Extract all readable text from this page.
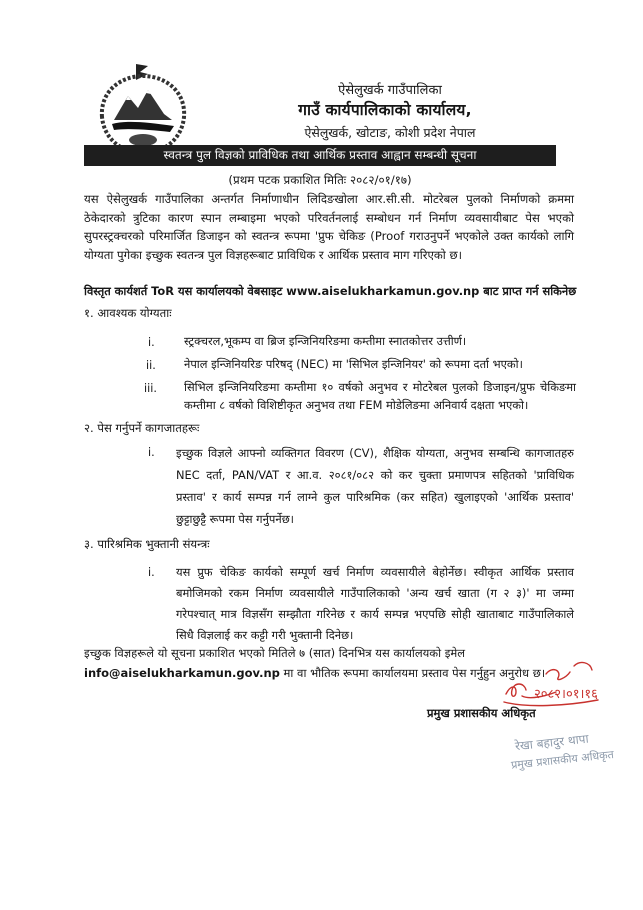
ऐसेलुखर्क गाउँपालिका
गाउँ कार्यपालिकाको कार्यालय,
ऐसेलुखर्क, खोटाङ, कोशी प्रदेश नेपाल
स्वतन्त्र पुल विज्ञको प्राविधिक तथा आर्थिक प्रस्ताव आह्वान सम्बन्धी सूचना
(प्रथम पटक प्रकाशित मितिः २०८२/०१/१७)
यस ऐसेलुखर्क गाउँपालिका अन्तर्गत निर्माणाधीन लिदिङखोला आर.सी.सी. मोटरेबल पुलको निर्माणको क्रममा ठेकेदारको त्रुटिका कारण स्पान लम्बाइमा भएको परिवर्तनलाई सम्बोधन गर्न निर्माण व्यवसायीबाट पेस भएको सुपरस्ट्रक्चरको परिमार्जित डिजाइन को स्वतन्त्र रूपमा 'प्रुफ चेकिङ (Proof गराउनुपर्ने भएकोले उक्त कार्यको लागि योग्यता पुगेका इच्छुक स्वतन्त्र पुल विज्ञहरूबाट प्राविधिक र आर्थिक प्रस्ताव माग गरिएको छ।
विस्तृत कार्यशर्त ToR यस कार्यालयको वेबसाइट www.aiselukharkamun.gov.np बाट प्राप्त गर्न सकिनेछ
१. आवश्यक योग्यताः
i.	स्ट्रक्चरल,भूकम्प वा ब्रिज इन्जिनियरिङमा कम्तीमा स्नातकोत्तर उत्तीर्ण।
ii. नेपाल इन्जिनियरिङ परिषद् (NEC) मा 'सिभिल इन्जिनियर' को रूपमा दर्ता भएको।
iii. सिभिल इन्जिनियरिङमा कम्तीमा १० वर्षको अनुभव र मोटरेबल पुलको डिजाइन/प्रुफ चेकिङमा कम्तीमा ८ वर्षको विशिष्टीकृत अनुभव तथा FEM मोडेलिङमा अनिवार्य दक्षता भएको।
२. पेस गर्नुपर्ने कागजातहरूः
i. इच्छुक विज्ञले आफ्नो व्यक्तिगत विवरण (CV), शैक्षिक योग्यता, अनुभव सम्बन्धि कागजातहरु NEC दर्ता, PAN/VAT र आ.व. २०८१/०८२ को कर चुक्ता प्रमाणपत्र सहितको 'प्राविधिक प्रस्ताव' र कार्य सम्पन्न गर्न लाग्ने कुल पारिश्रमिक (कर सहित) खुलाइएको 'आर्थिक प्रस्ताव' छुट्टाछुट्टै रूपमा पेस गर्नुपर्नेछ।
३. पारिश्रमिक भुक्तानी संयन्त्रः
i. यस प्रुफ चेकिङ कार्यको सम्पूर्ण खर्च निर्माण व्यवसायीले बेहोर्नेछ। स्वीकृत आर्थिक प्रस्ताव बमोजिमको रकम निर्माण व्यवसायीले गाउँपालिकाको 'अन्य खर्च खाता (ग २ ३)' मा जम्मा गरेपश्चात् मात्र विज्ञसँग सम्झौता गरिनेछ र कार्य सम्पन्न भएपछि सोही खाताबाट गाउँपालिकाले सिधै विज्ञलाई कर कट्टी गरी भुक्तानी दिनेछ।
इच्छुक विज्ञहरूले यो सूचना प्रकाशित भएको मितिले ७ (सात) दिनभित्र यस कार्यालयको इमेल
info@aiselukharkamun.gov.np मा वा भौतिक रूपमा कार्यालयमा प्रस्ताव पेस गर्नुहुन अनुरोध छ।
२०८२।०१।१६
प्रमुख प्रशासकीय अधिकृत
रेखा बहादुर थापा
प्रमुख प्रशासकीय अधिकृत
